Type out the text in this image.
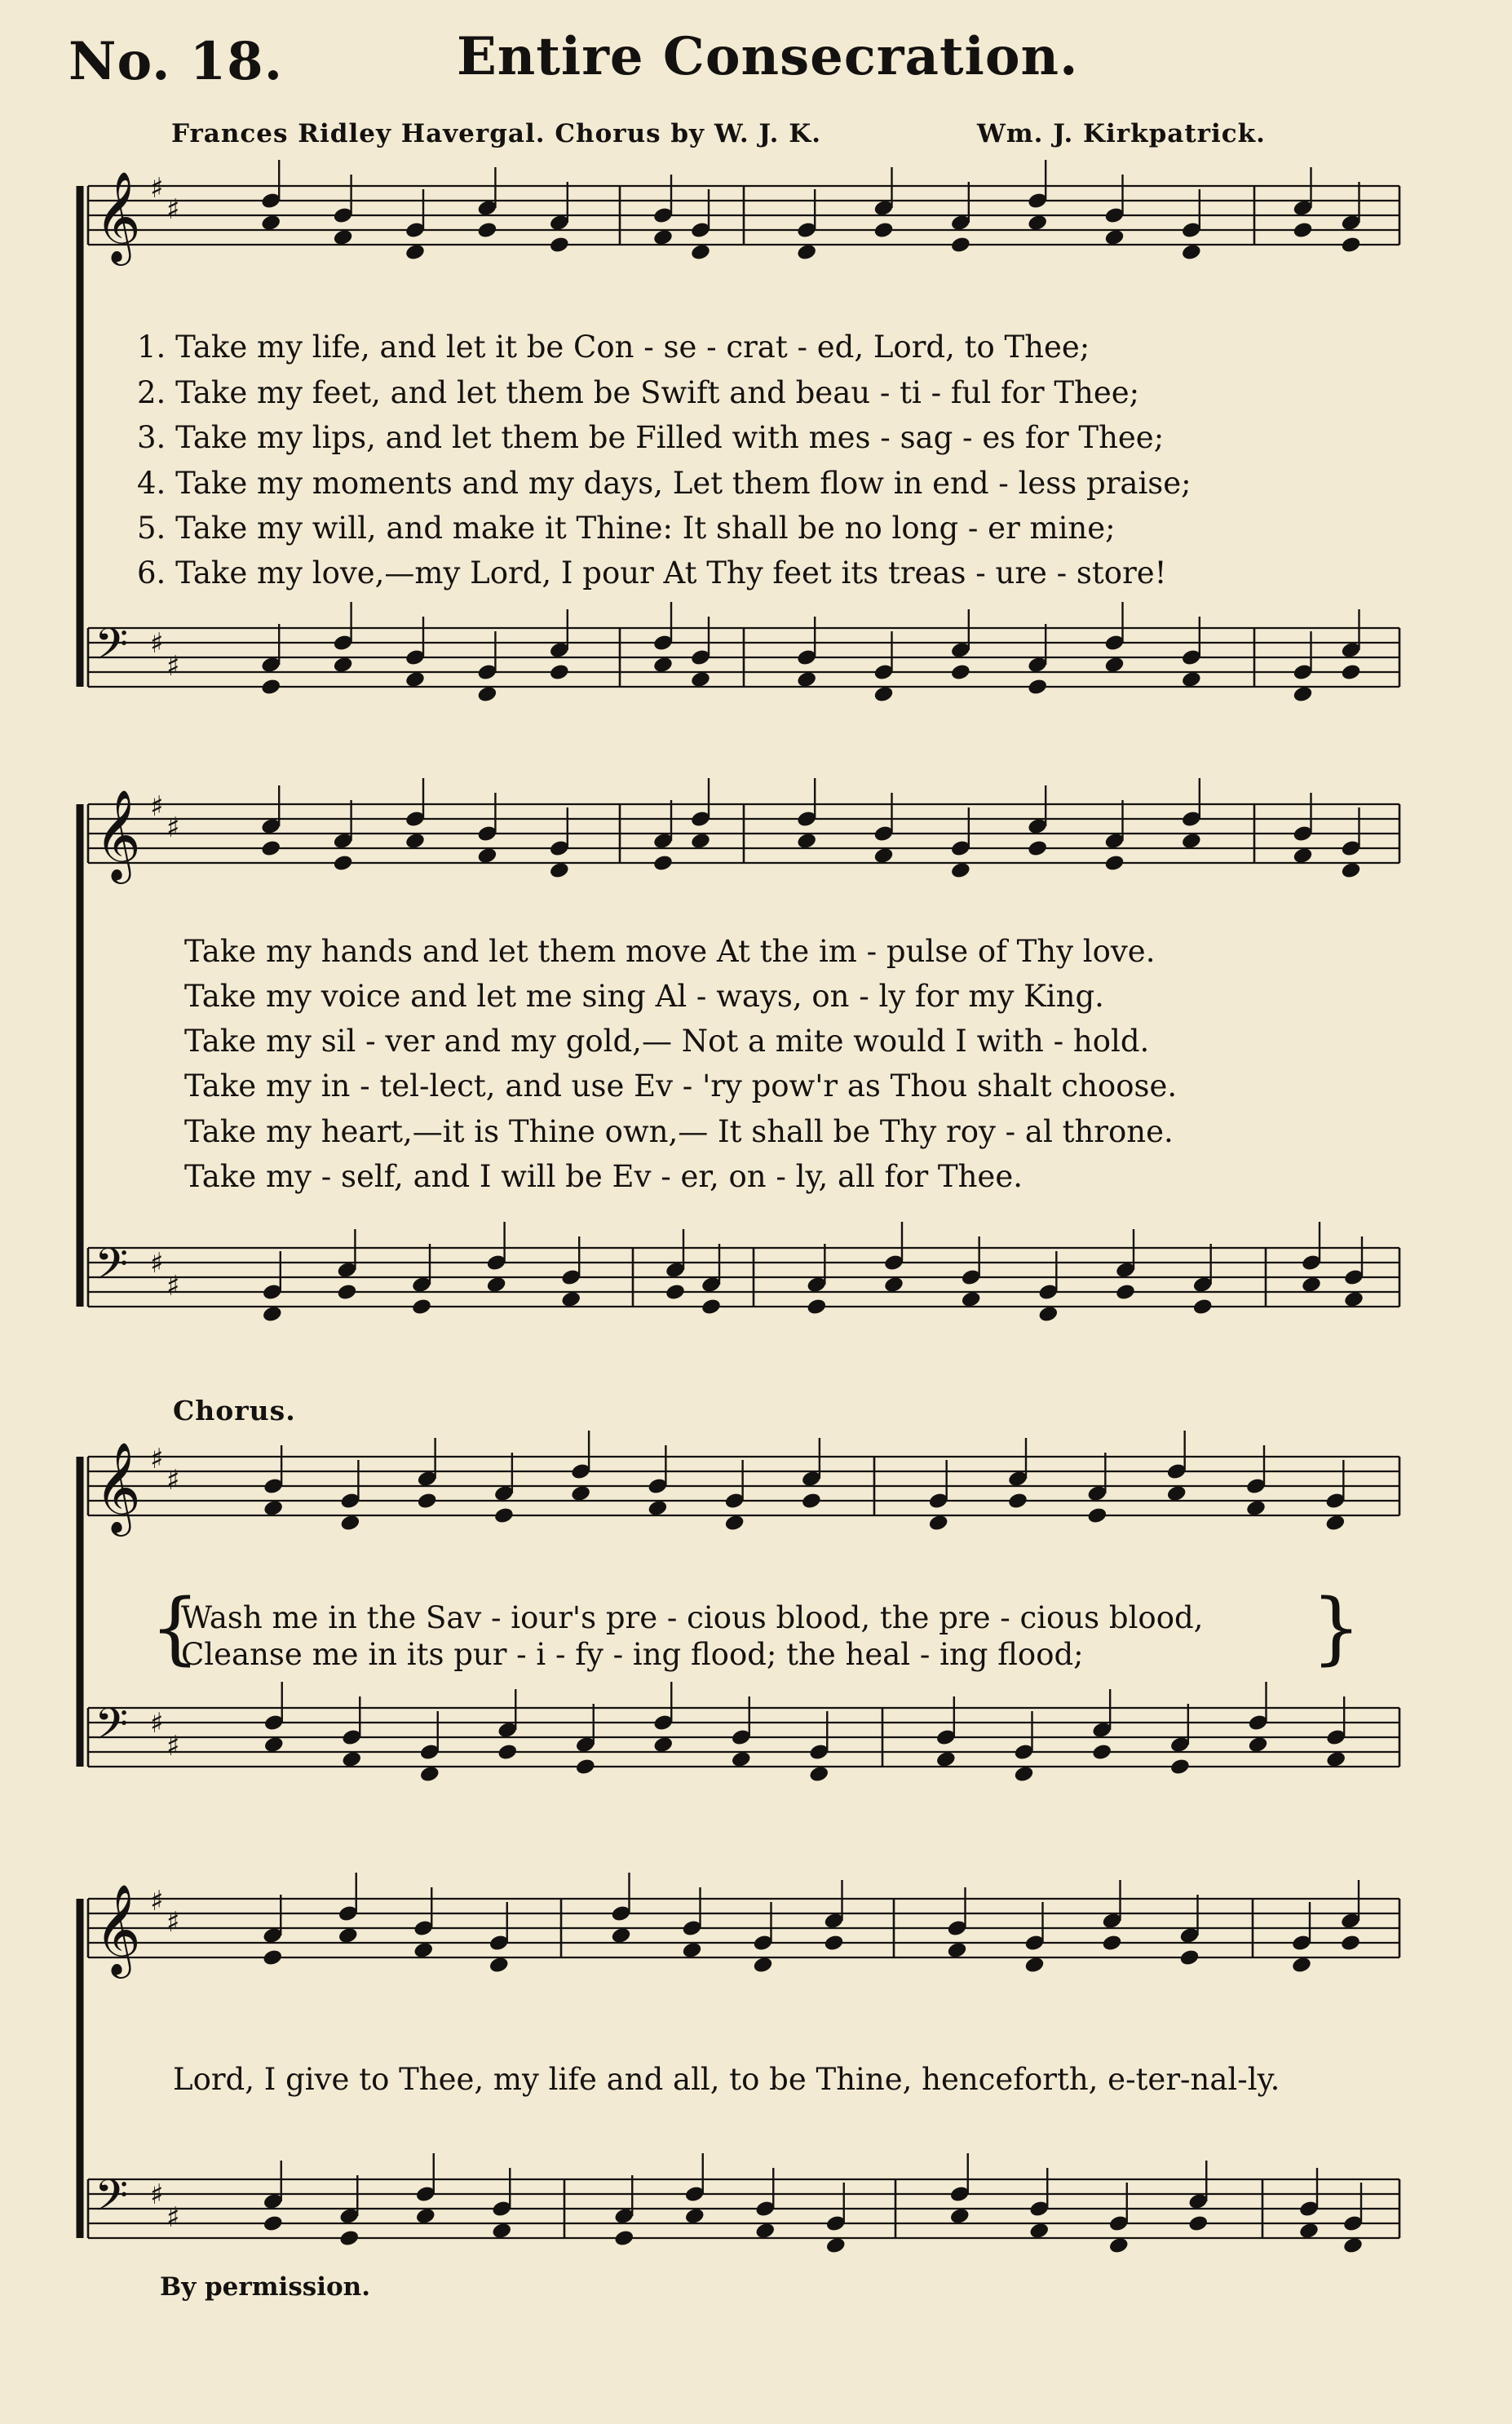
No. 18.	Entire Consecration.
Frances Ridley Havergal. Chorus by W. J. K.	Wm. J. Kirkpatrick.
𝄞 ♯
♯
𝄢 ♯
♯
𝄞 ♯
♯
𝄢 ♯
♯
𝄞 ♯
♯
𝄢 ♯
♯
𝄞 ♯
♯
𝄢 ♯
♯
1. Take my life, and let it be Con - se - crat - ed, Lord, to Thee;
2. Take my feet, and let them be Swift and beau - ti - ful for Thee;
3. Take my lips, and let them be Filled with mes - sag - es for Thee;
4. Take my moments and my days, Let them flow in end - less praise;
5. Take my will, and make it Thine: It shall be no long - er mine;
6. Take my love,—my Lord, I pour At Thy feet its treas - ure - store!
Take my hands and let them move At the im - pulse of Thy love.
Take my voice and let me sing Al - ways, on - ly for my King.
Take my sil - ver and my gold,— Not a mite would I with - hold.
Take my in - tel-lect, and use Ev - 'ry pow'r as Thou shalt choose.
Take my heart,—it is Thine own,— It shall be Thy roy - al throne.
Take my - self, and I will be Ev - er, on - ly, all for Thee.
Chorus.
{
Wash me in the Sav - iour's pre - cious blood, the pre - cious blood,
Cleanse me in its pur - i - fy - ing flood; the heal - ing flood;	}
Lord, I give to Thee, my life and all, to be Thine, henceforth, e-ter-nal-ly.
By permission.
